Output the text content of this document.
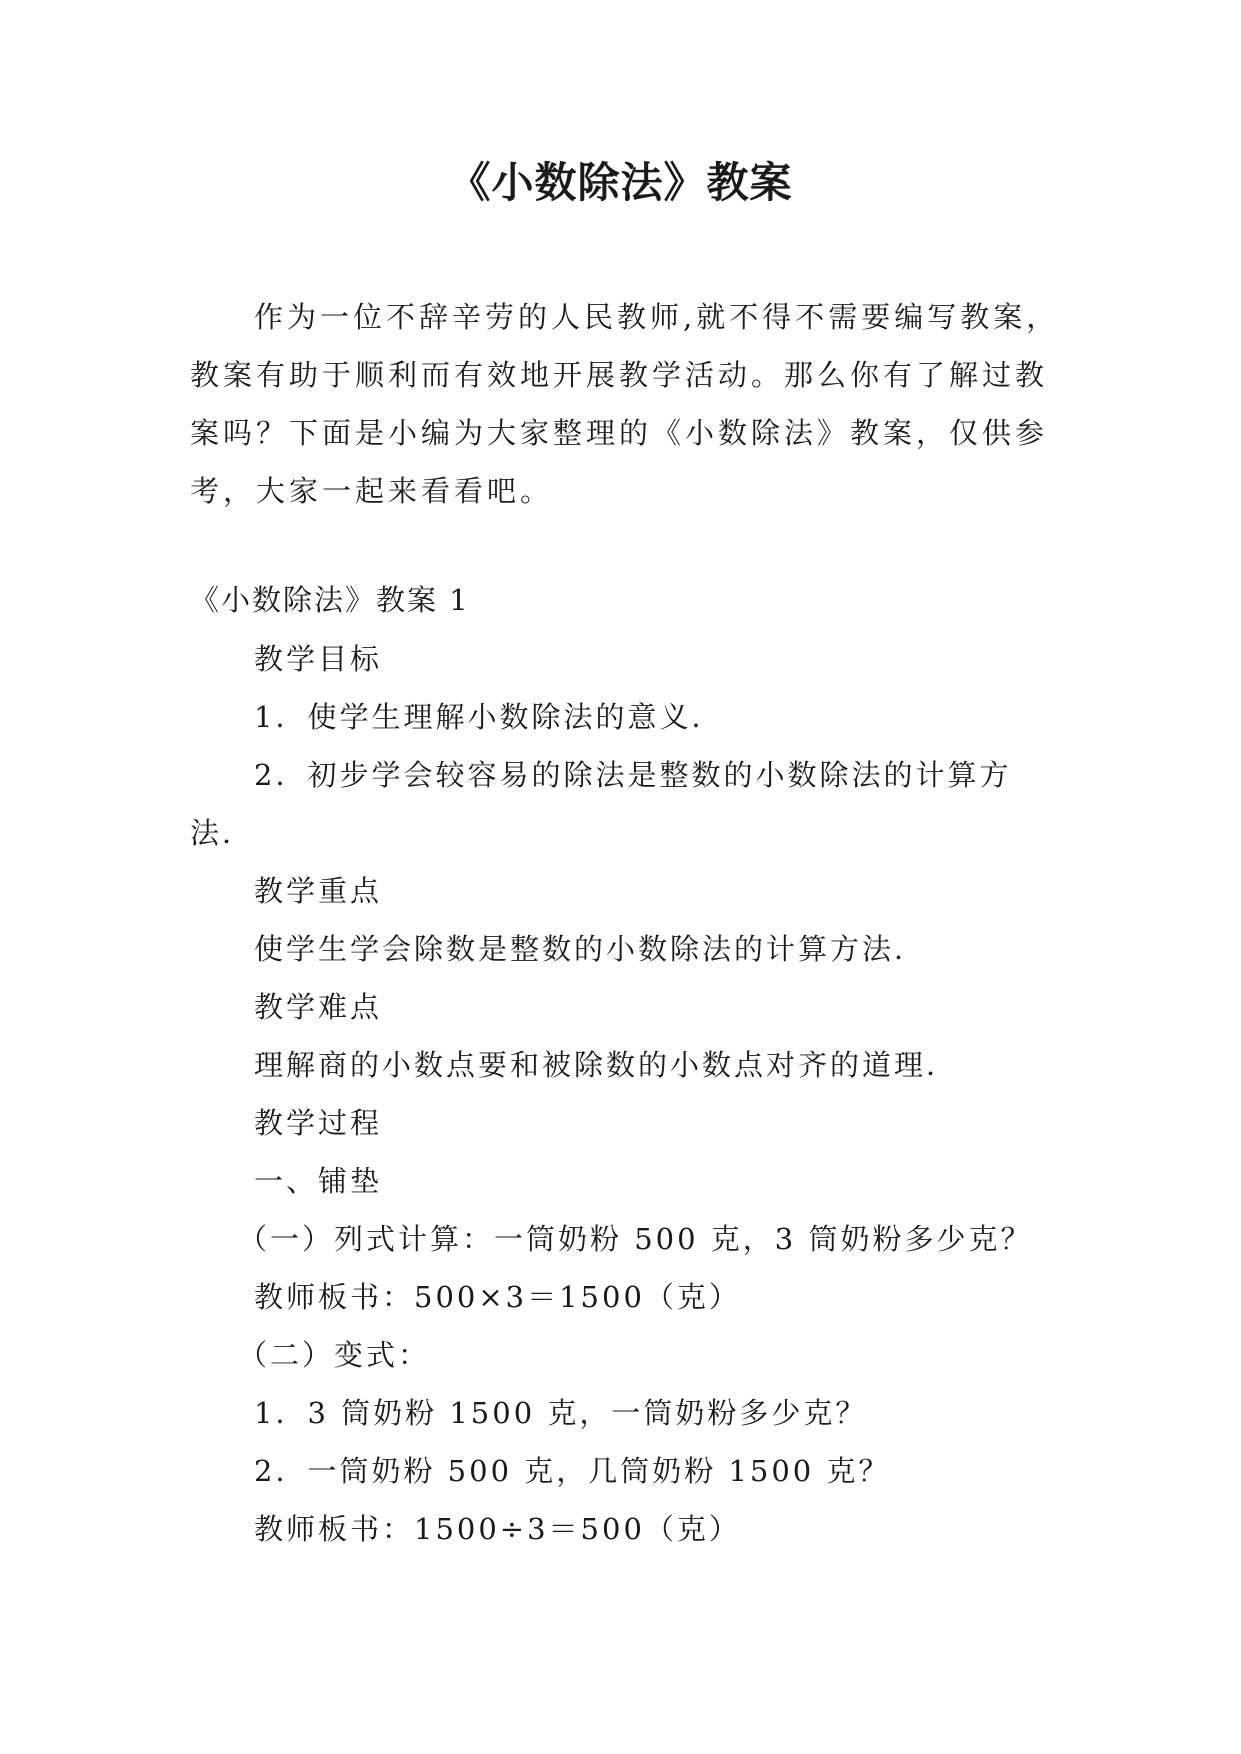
《小数除法》教案

作为一位不辞辛劳的人民教师,就不得不需要编写教案，教案有助于顺利而有效地开展教学活动。那么你有了解过教案吗？下面是小编为大家整理的《小数除法》教案，仅供参考，大家一起来看看吧。

《小数除法》教案 1
教学目标
1．使学生理解小数除法的意义．
2．初步学会较容易的除法是整数的小数除法的计算方
法．
教学重点
使学生学会除数是整数的小数除法的计算方法．
教学难点
理解商的小数点要和被除数的小数点对齐的道理．
教学过程
一、铺垫
（一）列式计算：一筒奶粉 500 克，3 筒奶粉多少克？
教师板书：500×3＝1500（克）
（二）变式：
1．3 筒奶粉 1500 克，一筒奶粉多少克？
2．一筒奶粉 500 克，几筒奶粉 1500 克？
教师板书：1500÷3＝500（克）
